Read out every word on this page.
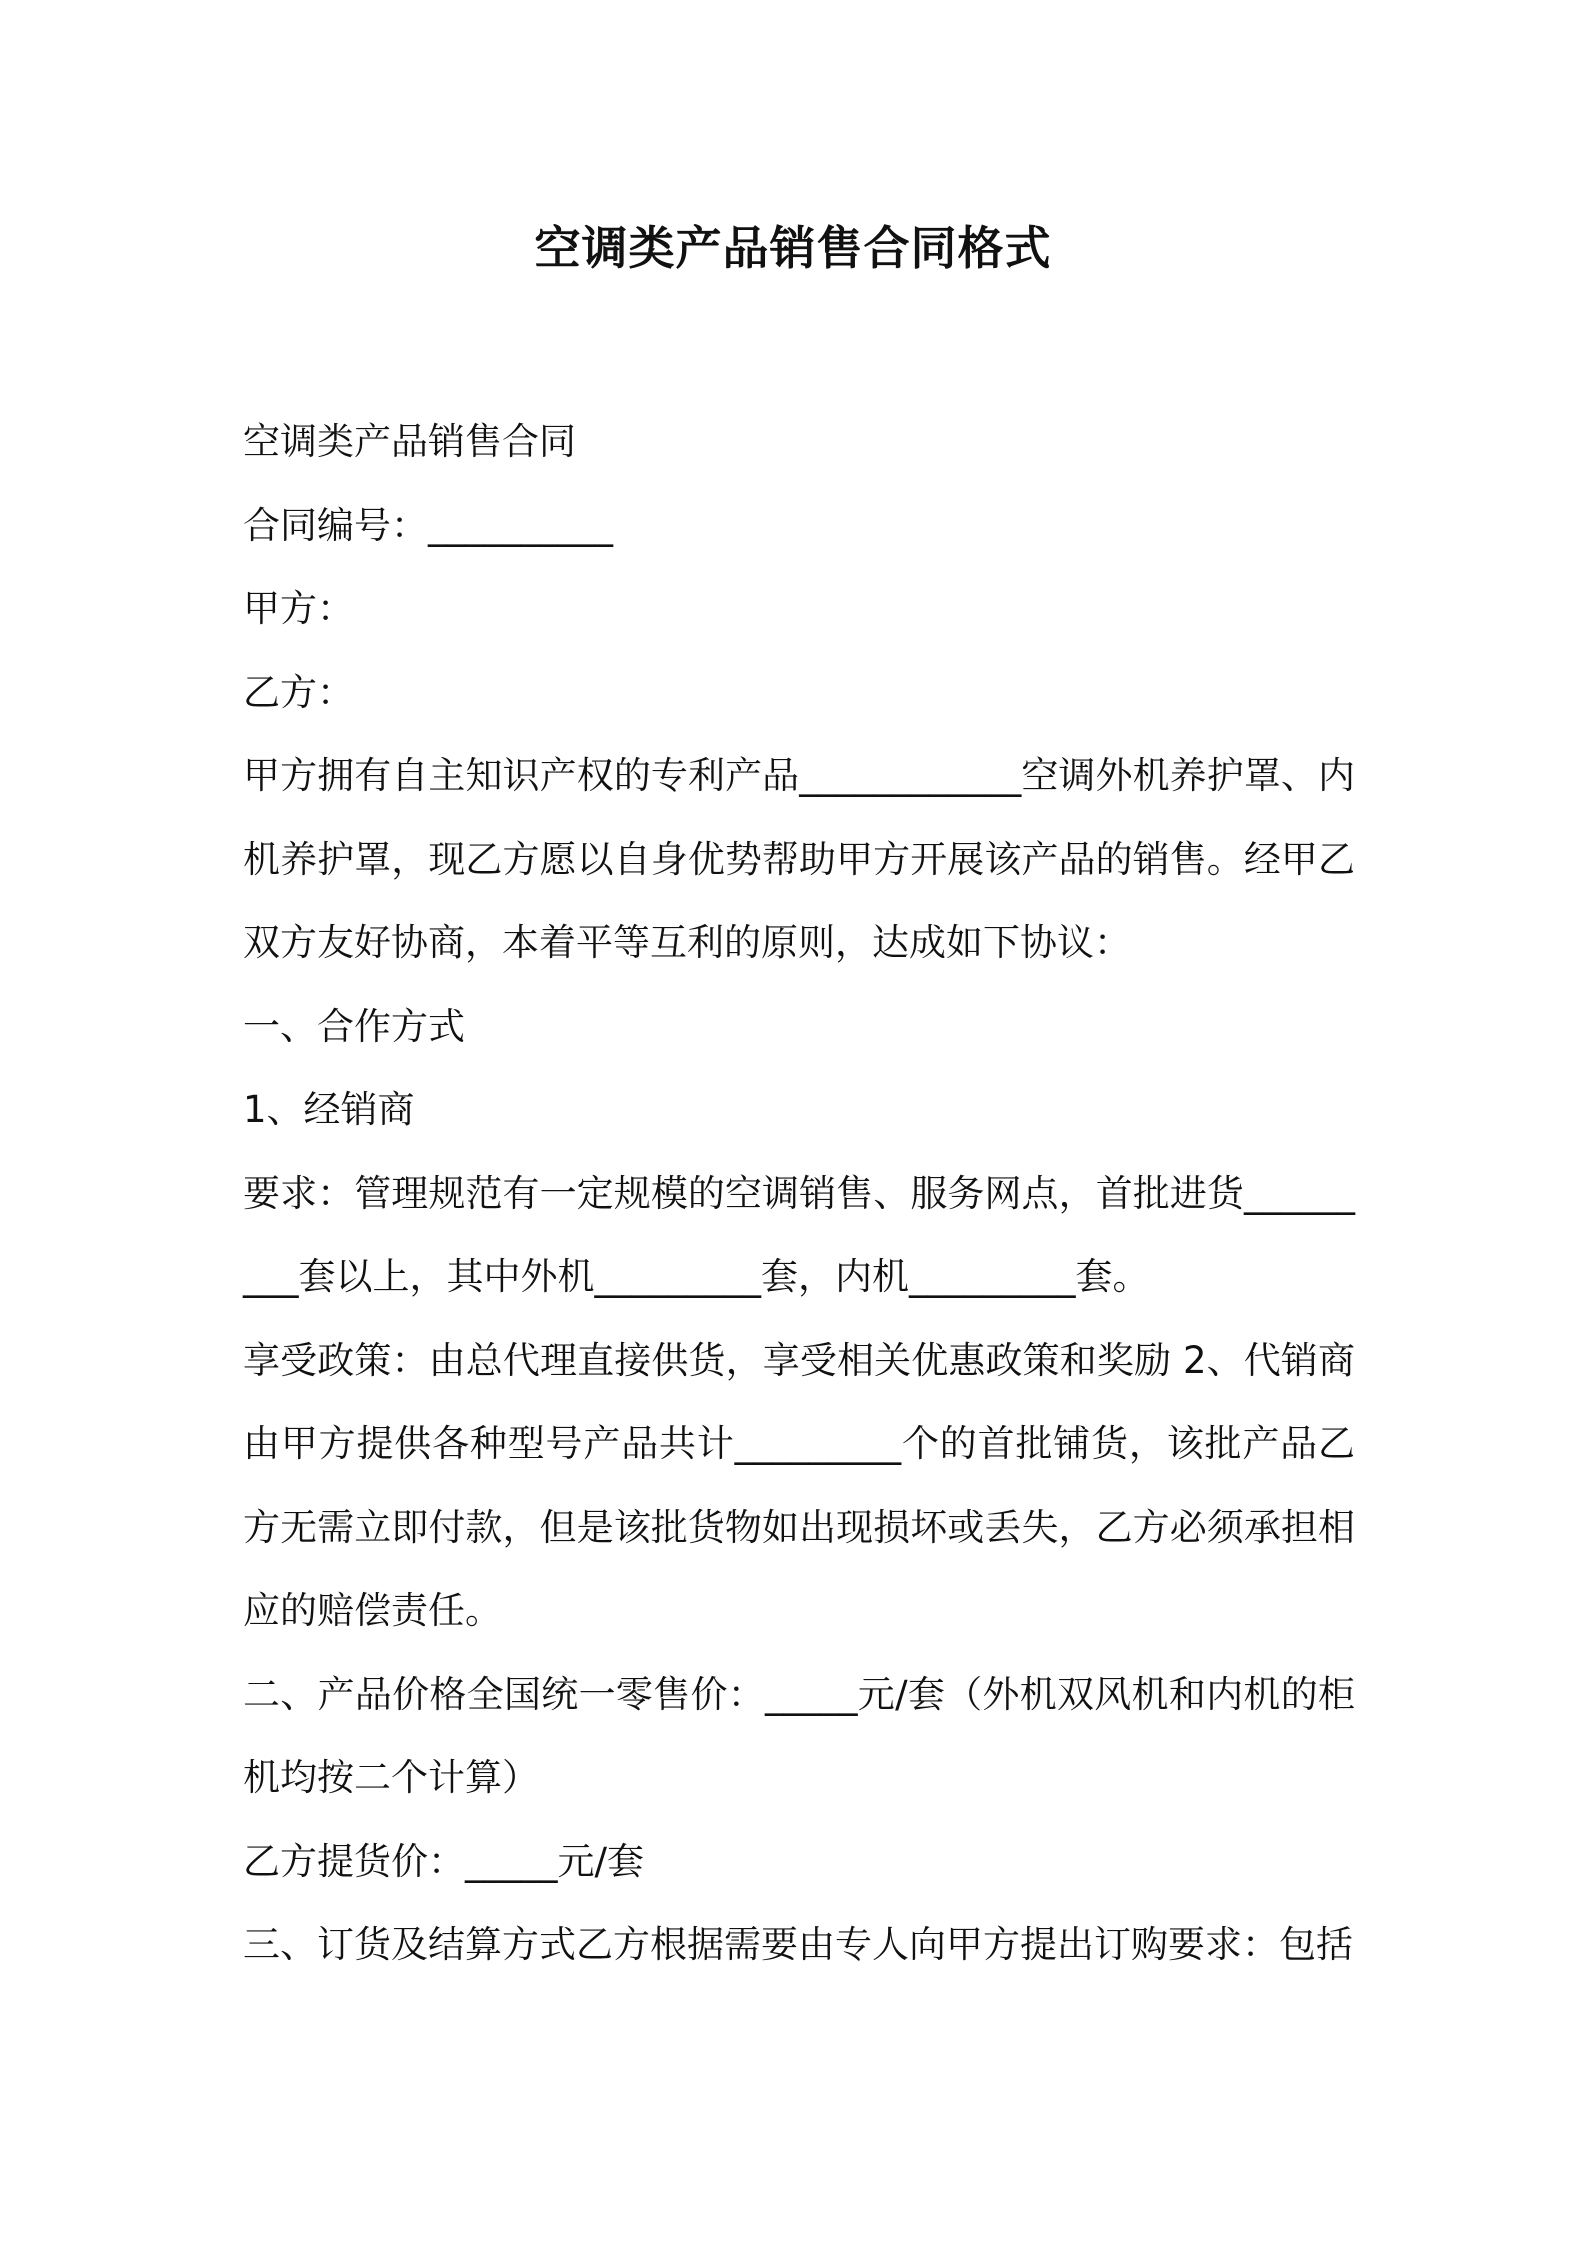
空调类产品销售合同格式

空调类产品销售合同

合同编号：__________

甲方：

乙方：

甲方拥有自主知识产权的专利产品____________空调外机养护罩、内机养护罩，现乙方愿以自身优势帮助甲方开展该产品的销售。经甲乙双方友好协商，本着平等互利的原则，达成如下协议：

一、合作方式

1、经销商

要求：管理规范有一定规模的空调销售、服务网点，首批进货_________套以上，其中外机_________套，内机_________套。

享受政策：由总代理直接供货，享受相关优惠政策和奖励 2、代销商由甲方提供各种型号产品共计_________个的首批铺货，该批产品乙方无需立即付款，但是该批货物如出现损坏或丢失，乙方必须承担相应的赔偿责任。

二、产品价格全国统一零售价：_____元/套（外机双风机和内机的柜机均按二个计算）

乙方提货价：_____元/套

三、订货及结算方式乙方根据需要由专人向甲方提出订购要求：包括
